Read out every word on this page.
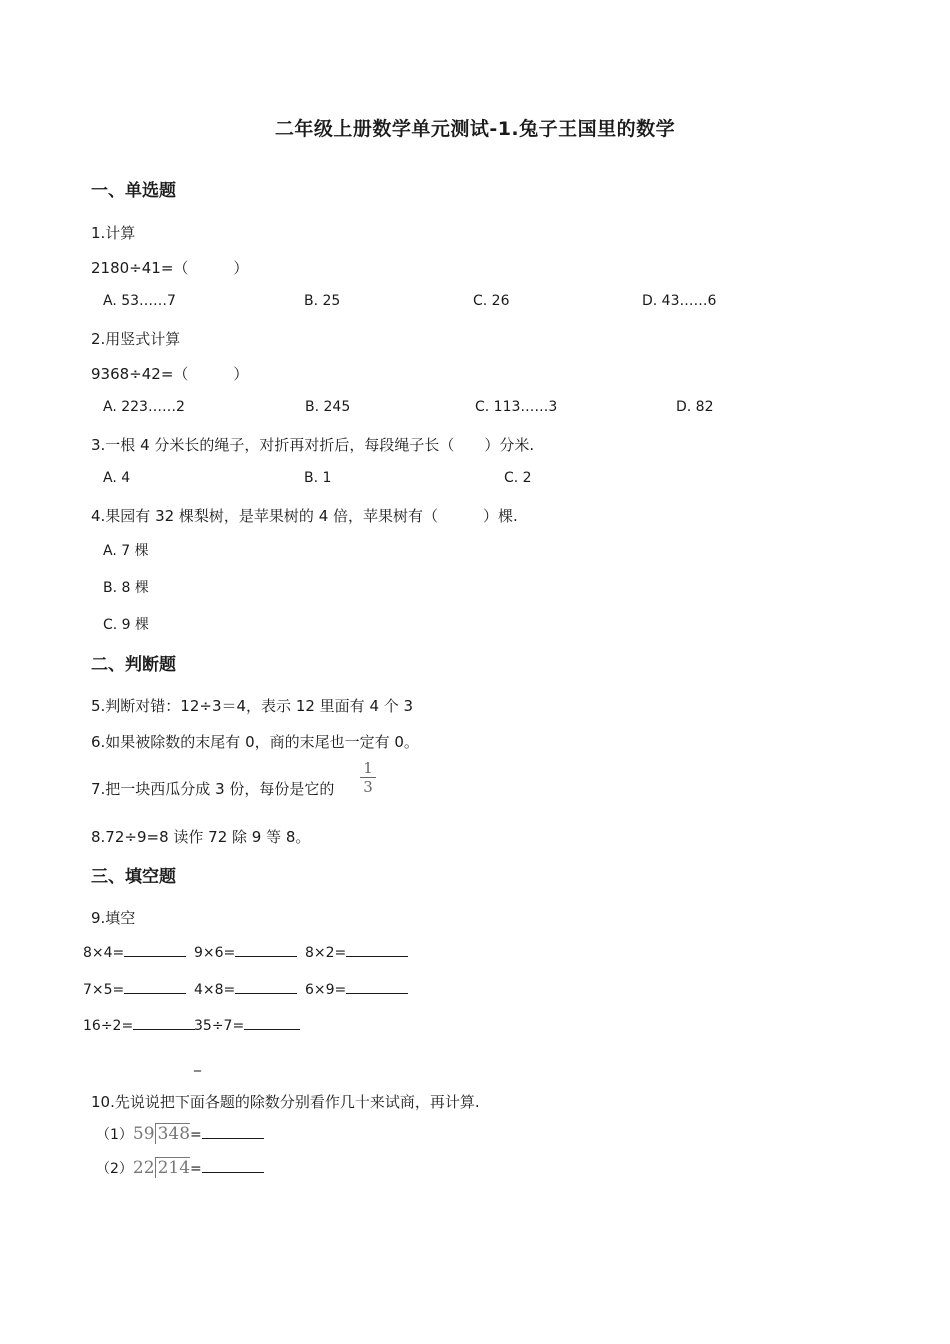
二年级上册数学单元测试-1.兔子王国里的数学
一、单选题
1.计算
2180÷41=（　　　）
A. 53……7	B. 25	C. 26	D. 43……6
2.用竖式计算
9368÷42=（　　　）
A. 223……2	B. 245	C. 113……3	D. 82
3.一根 4 分米长的绳子，对折再对折后，每段绳子长（　　）分米.
A. 4	B. 1	C. 2
4.果园有 32 棵梨树，是苹果树的 4 倍，苹果树有（　　　）棵.
A. 7 棵
B. 8 棵
C. 9 棵
二、判断题
5.判断对错：12÷3＝4，表示 12 里面有 4 个 3
6.如果被除数的末尾有 0，商的末尾也一定有 0。
7.把一块西瓜分成 3 份，每份是它的
1
3
8.72÷9=8 读作 72 除 9 等 8。
三、填空题
9.填空
8×4=	9×6=	8×2=
7×5=	4×8=	6×9=
16÷2=	35÷7=
_
10.先说说把下面各题的除数分别看作几十来试商，再计算.
（1）59 348=
（2）22 214=
